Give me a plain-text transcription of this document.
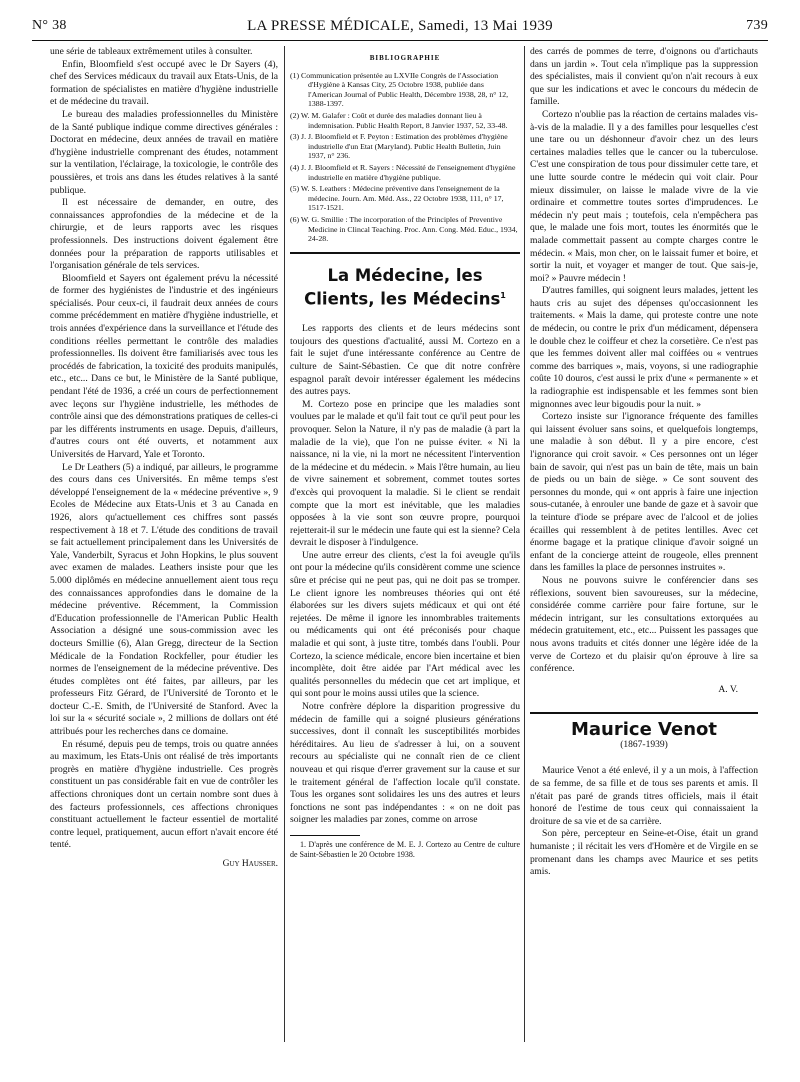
N° 38	LA PRESSE MÉDICALE, Samedi, 13 Mai 1939	739

une série de tableaux extrêmement utiles à consulter.

Enfin, Bloomfield s'est occupé avec le Dr Sayers (4), chef des Services médicaux du travail aux Etats-Unis, de la formation de spécialistes en matière d'hygiène industrielle et de médecine du travail.

Le bureau des maladies professionnelles du Ministère de la Santé publique indique comme directives générales : Doctorat en médecine, deux années de travail en matière d'hygiène industrielle comprenant des études, notamment sur la ventilation, l'éclairage, la toxicologie, le contrôle des poussières, et trois ans dans les études relatives à la santé publique.

Il est nécessaire de demander, en outre, des connaissances approfondies de la médecine et de la chirurgie, et de leurs rapports avec les risques professionnels. Des instructions doivent également être données pour la préparation de rapports utilisables et l'organisation générale de tels services.

Bloomfield et Sayers ont également prévu la nécessité de former des hygiénistes de l'industrie et des ingénieurs spécialisés. Pour ceux-ci, il faudrait deux années de cours comme précédemment en matière d'hygiène industrielle, et trois années d'expérience dans la surveillance et l'étude des conditions réelles permettant le contrôle des maladies professionnelles. Ils doivent être familiarisés avec tous les procédés de fabrication, la toxicité des produits manipulés, etc., etc... Dans ce but, le Ministère de la Santé publique, pendant l'été de 1936, a créé un cours de perfectionnement avec leçons sur l'hygiène industrielle, les méthodes de contrôle ainsi que des démonstrations pratiques de celles-ci par les différents instruments en usage. Depuis, d'ailleurs, d'autres cours ont été ouverts, et notamment aux Universités de Harvard, Yale et Toronto.

Le Dr Leathers (5) a indiqué, par ailleurs, le programme des cours dans ces Universités. En même temps s'est développé l'enseignement de la « médecine préventive », 9 Ecoles de Médecine aux Etats-Unis et 3 au Canada en 1926, alors qu'actuellement ces chiffres sont passés respectivement à 18 et 7. L'étude des conditions de travail se fait actuellement principalement dans les Universités de Yale, Vanderbilt, Syracus et John Hopkins, le plus souvent avec examen de malades. Leathers insiste pour que les 5.000 diplômés en médecine annuellement aient tous reçu des connaissances approfondies dans le domaine de la médecine préventive. Récemment, la Commission d'Education professionnelle de l'American Public Health Association a désigné une sous-commission avec les docteurs Smillie (6), Alan Gregg, directeur de la Section Médicale de la Fondation Rockfeller, pour étudier les normes de l'enseignement de la médecine préventive. Des études complètes ont été faites, par ailleurs, par les professeurs Fitz Gérard, de l'Université de Toronto et le docteur C.-E. Smith, de l'Université de Stanford. Avec la loi sur la « sécurité sociale », 2 millions de dollars ont été attribués pour les recherches dans ce domaine.

En résumé, depuis peu de temps, trois ou quatre années au maximum, les Etats-Unis ont réalisé de très importants progrès en matière d'hygiène industrielle. Ces progrès constituent un pas considérable fait en vue de contrôler les affections chroniques dont un certain nombre sont dues à des facteurs professionnels, ces affections chroniques constituant actuellement le facteur essentiel de mortalité contre lequel, pratiquement, aucun effort n'avait encore été tenté.

Guy Hausser.
BIBLIOGRAPHIE
(1) Communication présentée au LXVIIe Congrès de l'Association d'Hygiène à Kansas City, 25 Octobre 1938, publiée dans l'American Journal of Public Health, Décembre 1938, 28, n° 12, 1388-1397.
(2) W. M. Galafer : Coût et durée des maladies donnant lieu à indemnisation. Public Health Report, 8 Janvier 1937, 52, 33-48.
(3) J. J. Bloomfield et F. Peyton : Estimation des problèmes d'hygiène industrielle d'un Etat (Maryland). Public Health Bulletin, Juin 1937, n° 236.
(4) J. J. Bloomfield et R. Sayers : Nécessité de l'enseignement d'hygiène industrielle en matière d'hygiène publique.
(5) W. S. Leathers : Médecine préventive dans l'enseignement de la médecine. Journ. Am. Méd. Ass., 22 Octobre 1938, 111, n° 17, 1517-1521.
(6) W. G. Smillie : The incorporation of the Principles of Preventive Medicine in Clincal Teaching. Proc. Ann. Cong. Méd. Educ., 1934, 24-28.
La Médecine, les Clients, les Médecins$^1$

Les rapports des clients et de leurs médecins sont toujours des questions d'actualité, aussi M. Cortezo en a fait le sujet d'une intéressante conférence au Centre de culture de Saint-Sébastien. Ce que dit notre confrère espagnol paraît devoir intéresser également les médecins des autres pays.

M. Cortezo pose en principe que les maladies sont voulues par le malade et qu'il fait tout ce qu'il peut pour les provoquer. Selon la Nature, il n'y pas de maladie (à part la maladie de la vie), que l'on ne puisse éviter. « Ni la naissance, ni la vie, ni la mort ne nécessitent l'intervention de la médecine et du médecin. » Mais l'être humain, au lieu de vivre sainement et sobrement, commet toutes sortes d'excès qui provoquent la maladie. Si le client se rendait compte que la mort est inévitable, que les maladies opposées à la vie sont son œuvre propre, pourquoi rejetterait-il sur le médecin une faute qui est la sienne? Cela devrait le disposer à l'indulgence.

Une autre erreur des clients, c'est la foi aveugle qu'ils ont pour la médecine qu'ils considèrent comme une science sûre et précise qui ne peut pas, qui ne doit pas se tromper. Le client ignore les nombreuses théories qui ont été élaborées sur les divers sujets médicaux et qui ont été rejetées. De même il ignore les innombrables traitements ou médicaments qui ont été préconisés pour chaque maladie et qui sont, à juste titre, tombés dans l'oubli. Pour Cortezo, la science médicale, encore bien incertaine et bien incomplète, doit être aidée par l'Art médical avec les qualités personnelles du médecin que cet art implique, et qui sont pour le moins aussi utiles que la science.

Notre confrère déplore la disparition progressive du médecin de famille qui a soigné plusieurs générations successives, dont il connaît les susceptibilités morbides héréditaires. Au lieu de s'adresser à lui, on a souvent recours au spécialiste qui ne connaît rien de ce client nouveau et qui risque d'errer gravement sur la cause et sur le traitement général de l'affection locale qu'il constate. Tous les organes sont solidaires les uns des autres et leurs fonctions ne sont pas indépendantes : « on ne doit pas soigner les maladies par zones, comme on arrose

1. D'après une conférence de M. E. J. Cortezo au Centre de culture de Saint-Sébastien le 20 Octobre 1938.

des carrés de pommes de terre, d'oignons ou d'artichauts dans un jardin ». Tout cela n'implique pas la suppression des spécialistes, mais il convient qu'on n'ait recours à eux que sur les indications et avec le concours du médecin de famille.

Cortezo n'oublie pas la réaction de certains malades vis-à-vis de la maladie. Il y a des familles pour lesquelles c'est une tare ou un déshonneur d'avoir chez un des leurs certaines maladies telles que le cancer ou la tuberculose. C'est une conspiration de tous pour dissimuler cette tare, et une lutte sourde contre le médecin qui voit clair. Pour mieux dissimuler, on laisse le malade vivre de la vie ordinaire et commettre toutes sortes d'imprudences. Le médecin n'y peut mais ; toutefois, cela n'empêchera pas que, le malade une fois mort, toutes les énormités que le malade commettait passent au compte charges contre le médecin. « Mais, mon cher, on le laissait fumer et boire, et sortir la nuit, et voyager et manger de tout. Que sais-je, moi? » Pauvre médecin !

D'autres familles, qui soignent leurs malades, jettent les hauts cris au sujet des dépenses qu'occasionnent les traitements. « Mais la dame, qui proteste contre une note de médecin, ou contre le prix d'un médicament, dépensera le double chez le coiffeur et chez la corsetière. Ce n'est pas que les femmes doivent aller mal coiffées ou « ventrues comme des barriques », mais, voyons, si une radiographie coûte 10 douros, c'est aussi le prix d'une « permanente » et la radiographie est indispensable et les femmes sont bien mignonnes avec leur bigoudis pour la nuit. »

Cortezo insiste sur l'ignorance fréquente des familles qui laissent évoluer sans soins, et quelquefois longtemps, une maladie à son début. Il y a pire encore, c'est l'ignorance qui croit savoir. « Ces personnes ont un léger bain de savoir, qui n'est pas un bain de tête, mais un bain de pieds ou un bain de siège. » Ce sont souvent des personnes du monde, qui « ont appris à faire une injection sous-cutanée, à enrouler une bande de gaze et à savoir que la teinture d'iode se prépare avec de l'alcool et de jolies écailles qui ressemblent à de petites lentilles. Avec cet énorme bagage et la pratique clinique d'avoir soigné un enfant de la concierge atteint de rougeole, elles prennent dans les familles la place de personnes instruites ».

Nous ne pouvons suivre le conférencier dans ses réflexions, souvent bien savoureuses, sur la médecine, considérée comme carrière pour faire fortune, sur le médecin intrigant, sur les consultations extorquées au médecin gratuitement, etc., etc... Puissent les passages que nous avons traduits et cités donner une légère idée de la verve de Cortezo et du plaisir qu'on éprouve à lire sa conférence.

A. V.
Maurice Venot
(1867-1939)

Maurice Venot a été enlevé, il y a un mois, à l'affection de sa femme, de sa fille et de tous ses parents et amis. Il n'était pas paré de grands titres officiels, mais il était honoré de l'estime de tous ceux qui connaissaient la droiture de sa vie et de sa carrière.

Son père, percepteur en Seine-et-Oise, était un grand humaniste ; il récitait les vers d'Homère et de Virgile en se promenant dans les champs avec Maurice et ses petits amis.
